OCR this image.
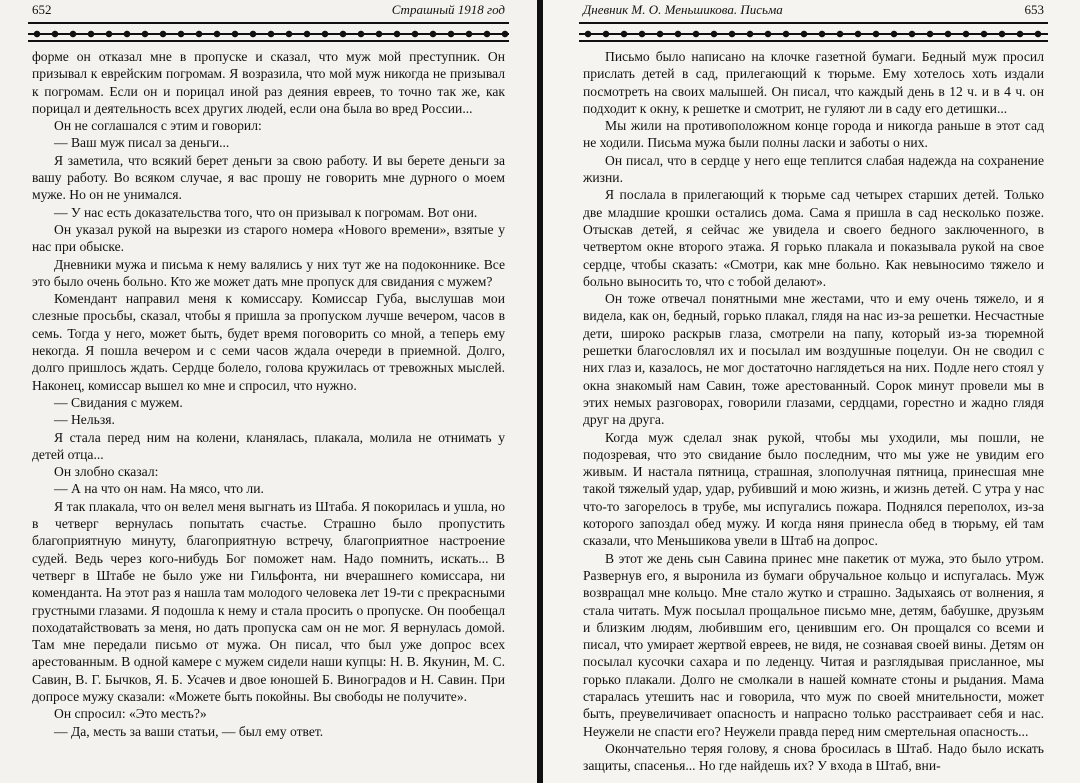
652	Страшный 1918 год

форме он отказал мне в пропуске и сказал, что муж мой преступник. Он призывал к еврейским погромам. Я возразила, что мой муж никогда не призывал к погромам. Если он и порицал иной раз деяния евреев, то точно так же, как порицал и деятельность всех других людей, если она была во вред России...

Он не соглашался с этим и говорил:

— Ваш муж писал за деньги...

Я заметила, что всякий берет деньги за свою работу. И вы берете деньги за вашу работу. Во всяком случае, я вас прошу не говорить мне дурного о моем муже. Но он не унимался.

— У нас есть доказательства того, что он призывал к погромам. Вот они.

Он указал рукой на вырезки из старого номера «Нового времени», взятые у нас при обыске.

Дневники мужа и письма к нему валялись у них тут же на подоконнике. Все это было очень больно. Кто же может дать мне пропуск для свидания с мужем?

Комендант направил меня к комиссару. Комиссар Губа, выслушав мои слезные просьбы, сказал, чтобы я пришла за пропуском лучше вечером, часов в семь. Тогда у него, может быть, будет время поговорить со мной, а теперь ему некогда. Я пошла вечером и с семи часов ждала очереди в приемной. Долго, долго пришлось ждать. Сердце болело, голова кружилась от тревожных мыслей. Наконец, комиссар вышел ко мне и спросил, что нужно.

— Свидания с мужем.

— Нельзя.

Я стала перед ним на колени, кланялась, плакала, молила не отнимать у детей отца...

Он злобно сказал:

— А на что он нам. На мясо, что ли.

Я так плакала, что он велел меня выгнать из Штаба. Я покорилась и ушла, но в четверг вернулась попытать счастье. Страшно было пропустить благоприятную минуту, благоприятную встречу, благоприятное настроение судей. Ведь через кого-нибудь Бог поможет нам. Надо помнить, искать... В четверг в Штабе не было уже ни Гильфонта, ни вчерашнего комиссара, ни коменданта. На этот раз я нашла там молодого человека лет 19-ти с прекрасными грустными глазами. Я подошла к нему и стала просить о пропуске. Он пообещал походатайствовать за меня, но дать пропуска сам он не мог. Я вернулась домой. Там мне передали письмо от мужа. Он писал, что был уже допрос всех арестованным. В одной камере с мужем сидели наши купцы: Н. В. Якунин, М. С. Савин, В. Г. Бычков, Я. Б. Усачев и двое юношей Б. Виноградов и Н. Савин. При допросе мужу сказали: «Можете быть покойны. Вы свободы не получите».

Он спросил: «Это месть?»

— Да, месть за ваши статьи, — был ему ответ.

Дневник М. О. Меньшикова. Письма	653

Письмо было написано на клочке газетной бумаги. Бедный муж просил прислать детей в сад, прилегающий к тюрьме. Ему хотелось хоть издали посмотреть на своих малышей. Он писал, что каждый день в 12 ч. и в 4 ч. он подходит к окну, к решетке и смотрит, не гуляют ли в саду его детишки...

Мы жили на противоположном конце города и никогда раньше в этот сад не ходили. Письма мужа были полны ласки и заботы о них.

Он писал, что в сердце у него еще теплится слабая надежда на сохранение жизни.

Я послала в прилегающий к тюрьме сад четырех старших детей. Только две младшие крошки остались дома. Сама я пришла в сад несколько позже. Отыскав детей, я сейчас же увидела и своего бедного заключенного, в четвертом окне второго этажа. Я горько плакала и показывала рукой на свое сердце, чтобы сказать: «Смотри, как мне больно. Как невыносимо тяжело и больно выносить то, что с тобой делают».

Он тоже отвечал понятными мне жестами, что и ему очень тяжело, и я видела, как он, бедный, горько плакал, глядя на нас из-за решетки. Несчастные дети, широко раскрыв глаза, смотрели на папу, который из-за тюремной решетки благословлял их и посылал им воздушные поцелуи. Он не сводил с них глаз и, казалось, не мог достаточно наглядеться на них. Подле него стоял у окна знакомый нам Савин, тоже арестованный. Сорок минут провели мы в этих немых разговорах, говорили глазами, сердцами, горестно и жадно глядя друг на друга.

Когда муж сделал знак рукой, чтобы мы уходили, мы пошли, не подозревая, что это свидание было последним, что мы уже не увидим его живым. И настала пятница, страшная, злополучная пятница, принесшая мне такой тяжелый удар, удар, рубивший и мою жизнь, и жизнь детей. С утра у нас что-то загорелось в трубе, мы испугались пожара. Поднялся переполох, из-за которого запоздал обед мужу. И когда няня принесла обед в тюрьму, ей там сказали, что Меньшикова увели в Штаб на допрос.

В этот же день сын Савина принес мне пакетик от мужа, это было утром. Развернув его, я выронила из бумаги обручальное кольцо и испугалась. Муж возвращал мне кольцо. Мне стало жутко и страшно. Задыхаясь от волнения, я стала читать. Муж посылал прощальное письмо мне, детям, бабушке, друзьям и близким людям, любившим его, ценившим его. Он прощался со всеми и писал, что умирает жертвой евреев, не видя, не сознавая своей вины. Детям он посылал кусочки сахара и по леденцу. Читая и разглядывая присланное, мы горько плакали. Долго не смолкали в нашей комнате стоны и рыдания. Мама старалась утешить нас и говорила, что муж по своей мнительности, может быть, преувеличивает опасность и напрасно только расстраивает себя и нас. Неужели не спасти его? Неужели правда перед ним смертельная опасность...

Окончательно теряя голову, я снова бросилась в Штаб. Надо было искать защиты, спасенья... Но где найдешь их? У входа в Штаб, вни-
